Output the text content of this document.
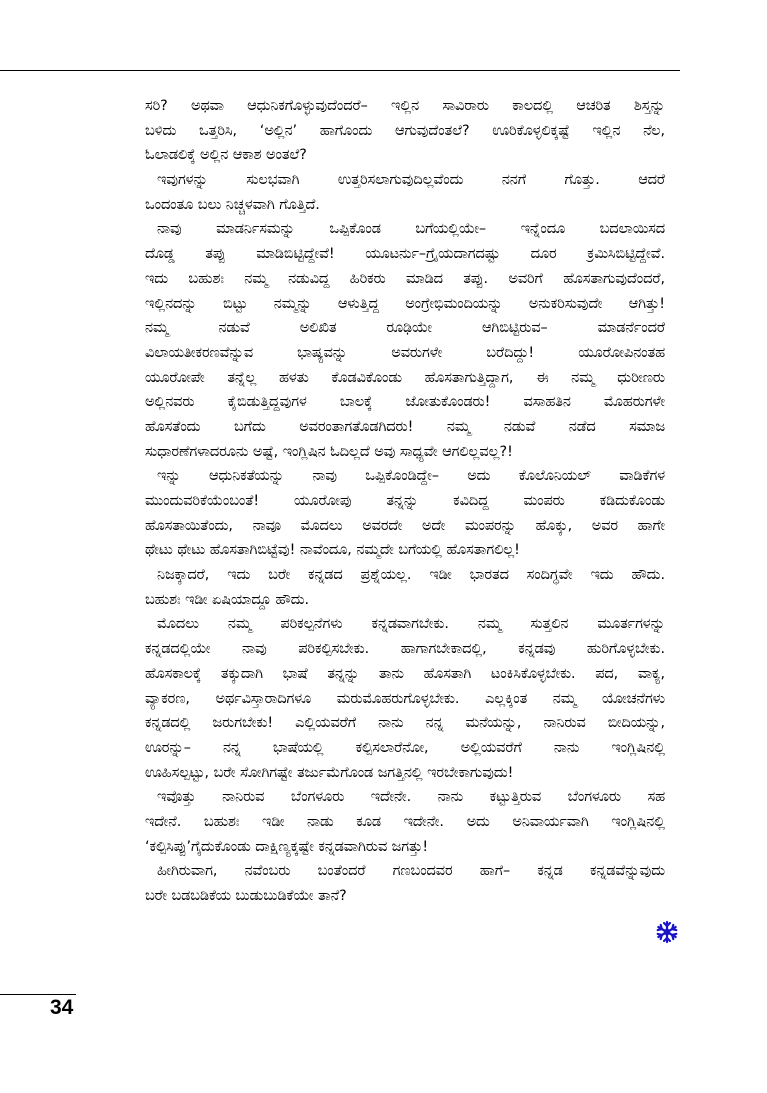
ಸರಿ? ಅಥವಾ ಆಧುನಿಕಗೊಳ್ಳುವುದೆಂದರೆ– ಇಲ್ಲಿನ ಸಾವಿರಾರು ಕಾಲದಲ್ಲಿ ಆಚರಿತ ಶಿಸ್ತನ್ನು
ಬಳಿದು ಒತ್ತರಿಸಿ, ‘ಅಲ್ಲಿನ’ ಹಾಗೊಂದು ಆಗುವುದೆಂತಲೆ? ಊರಿಕೊಳ್ಳಲಿಕ್ಕಷ್ಟೆ ಇಲ್ಲಿನ ನೆಲ,
ಓಲಾಡಲಿಕ್ಕೆ ಅಲ್ಲಿನ ಆಕಾಶ ಅಂತಲೆ?
ಇವುಗಳನ್ನು ಸುಲಭವಾಗಿ ಉತ್ತರಿಸಲಾಗುವುದಿಲ್ಲವೆಂದು ನನಗೆ ಗೊತ್ತು. ಆದರೆ
ಒಂದಂತೂ ಬಲು ನಿಚ್ಚಳವಾಗಿ ಗೊತ್ತಿದೆ.
ನಾವು ಮಾಡರ್ನಿಸಮನ್ನು ಒಪ್ಪಿಕೊಂಡ ಬಗೆಯಲ್ಲಿಯೇ– ಇನ್ನೆಂದೂ ಬದಲಾಯಿಸದ
ದೊಡ್ಡ ತಪ್ಪು ಮಾಡಿಬಿಟ್ಟಿದ್ದೇವೆ! ಯೂಟರ್ನು–ಗ್ರೈಯದಾಗದಷ್ಟು ದೂರ ಕ್ರಮಿಸಿಬಿಟ್ಟಿದ್ದೇವೆ.
ಇದು ಬಹುಶಃ ನಮ್ಮ ನಡುವಿದ್ದ ಹಿರಿಕರು ಮಾಡಿದ ತಪ್ಪು. ಅವರಿಗೆ ಹೊಸತಾಗುವುದೆಂದರೆ,
ಇಲ್ಲಿನದನ್ನು ಬಿಟ್ಟು ನಮ್ಮನ್ನು ಆಳುತ್ತಿದ್ದ ಅಂಗ್ರೇಭಿಮಂದಿಯನ್ನು ಅನುಕರಿಸುವುದೇ ಆಗಿತ್ತು!
ನಮ್ಮ ನಡುವೆ ಅಲಿಖಿತ ರೂಢಿಯೇ ಆಗಿಬಿಟ್ಟಿರುವ– ಮಾಡರ್ನೆಂದರೆ
ವಿಲಾಯತೀಕರಣವೆನ್ನುವ ಭಾಷ್ಯವನ್ನು ಅವರುಗಳೇ ಬರೆದಿದ್ದು! ಯೂರೋಪಿನಂತಹ
ಯೂರೋಪೇ ತನ್ನೆಲ್ಲ ಹಳತು ಕೊಡವಿಕೊಂಡು ಹೊಸತಾಗುತ್ತಿದ್ದಾಗ, ಈ ನಮ್ಮ ಧುರೀಣರು
ಅಲ್ಲಿನವರು ಕೈಬಿಡುತ್ತಿದ್ದವುಗಳ ಬಾಲಕ್ಕೆ ಜೋತುಕೊಂಡರು! ವಸಾಹತಿನ ಮೊಹರುಗಳೇ
ಹೊಸತೆಂದು ಬಗೆದು ಅವರಂತಾಗತೊಡಗಿದರು! ನಮ್ಮ ನಡುವೆ ನಡೆದ ಸಮಾಜ
ಸುಧಾರಣೆಗಳಾದರೂನು ಅಷ್ಟೆ, ಇಂಗ್ಲಿಷಿನ ಓದಿಲ್ಲದೆ ಅವು ಸಾಧ್ಯವೇ ಆಗಲಿಲ್ಲವಲ್ಲ?!
ಇನ್ನು ಆಧುನಿಕತೆಯನ್ನು ನಾವು ಒಪ್ಪಿಕೊಂಡಿದ್ದೇ– ಅದು ಕೊಲೊನಿಯಲ್ ವಾಡಿಕೆಗಳ
ಮುಂದುವರಿಕೆಯೆಂಬಂತೆ! ಯೂರೋಪು ತನ್ನನ್ನು ಕವಿದಿದ್ದ ಮಂಪರು ಕಡಿದುಕೊಂಡು
ಹೊಸತಾಯಿತೆಂದು, ನಾವೂ ಮೊದಲು ಅವರದೇ ಅದೇ ಮಂಪರನ್ನು ಹೊಕ್ಕು, ಅವರ ಹಾಗೇ
ಥೇಟು ಥೇಟು ಹೊಸತಾಗಿಬಿಟ್ಟೆವು! ನಾವೆಂದೂ, ನಮ್ಮದೇ ಬಗೆಯಲ್ಲಿ ಹೊಸತಾಗಲಿಲ್ಲ!
ನಿಜಕ್ಕಾದರೆ, ಇದು ಬರೇ ಕನ್ನಡದ ಪ್ರಶ್ನೆಯಲ್ಲ. ಇಡೀ ಭಾರತದ ಸಂದಿಗ್ಧವೇ ಇದು ಹೌದು.
ಬಹುಶಃ ಇಡೀ ಏಷಿಯಾದ್ದೂ ಹೌದು.
ಮೊದಲು ನಮ್ಮ ಪರಿಕಲ್ಪನೆಗಳು ಕನ್ನಡವಾಗಬೇಕು. ನಮ್ಮ ಸುತ್ತಲಿನ ಮೂರ್ತಗಳನ್ನು
ಕನ್ನಡದಲ್ಲಿಯೇ ನಾವು ಪರಿಕಲ್ಪಿಸಬೇಕು. ಹಾಗಾಗಬೇಕಾದಲ್ಲಿ, ಕನ್ನಡವು ಹುರಿಗೊಳ್ಳಬೇಕು.
ಹೊಸಕಾಲಕ್ಕೆ ತಕ್ಕುದಾಗಿ ಭಾಷೆ ತನ್ನನ್ನು ತಾನು ಹೊಸತಾಗಿ ಟಂಕಿಸಿಕೊಳ್ಳಬೇಕು. ಪದ, ವಾಕ್ಯ,
ವ್ಯಾಕರಣ, ಅರ್ಥವಿಸ್ತಾರಾದಿಗಳೂ ಮರುಮೊಹರುಗೊಳ್ಳಬೇಕು. ಎಲ್ಲಕ್ಕಿಂತ ನಮ್ಮ ಯೋಚನೆಗಳು
ಕನ್ನಡದಲ್ಲಿ ಜರುಗಬೇಕು! ಎಲ್ಲಿಯವರೆಗೆ ನಾನು ನನ್ನ ಮನೆಯನ್ನು, ನಾನಿರುವ ಬೀದಿಯನ್ನು,
ಊರನ್ನು– ನನ್ನ ಭಾಷೆಯಲ್ಲಿ ಕಲ್ಪಿಸಲಾರೆನೋ, ಅಲ್ಲಿಯವರೆಗೆ ನಾನು ಇಂಗ್ಲಿಷಿನಲ್ಲಿ
ಊಹಿಸಲ್ಪಟ್ಟು, ಬರೇ ಸೋಗಿಗಷ್ಟೇ ತರ್ಜುಮೆಗೊಂಡ ಜಗತ್ತಿನಲ್ಲಿ ಇರಬೇಕಾಗುವುದು!
ಇವೊತ್ತು ನಾನಿರುವ ಬೆಂಗಳೂರು ಇದೇನೇ. ನಾನು ಕಟ್ಟುತ್ತಿರುವ ಬೆಂಗಳೂರು ಸಹ
ಇದೇನೆ. ಬಹುಶಃ ಇಡೀ ನಾಡು ಕೂಡ ಇದೇನೇ. ಅದು ಅನಿವಾರ್ಯವಾಗಿ ಇಂಗ್ಲಿಷಿನಲ್ಲಿ
‘ಕಲ್ಪಿಸಿಪ್ಪು’ಗೈದುಕೊಂಡು ದಾಕ್ಷಿಣ್ಯಕ್ಕಷ್ಟೇ ಕನ್ನಡವಾಗಿರುವ ಜಗತ್ತು!
ಹೀಗಿರುವಾಗ, ನವೆಂಬರು ಬಂತೆಂದರೆ ಗಣಬಂದವರ ಹಾಗೆ– ಕನ್ನಡ ಕನ್ನಡವೆನ್ನುವುದು
ಬರೇ ಬಡಬಡಿಕೆಯ ಬುಡುಬುಡಿಕೆಯೇ ತಾನೆ?
34
